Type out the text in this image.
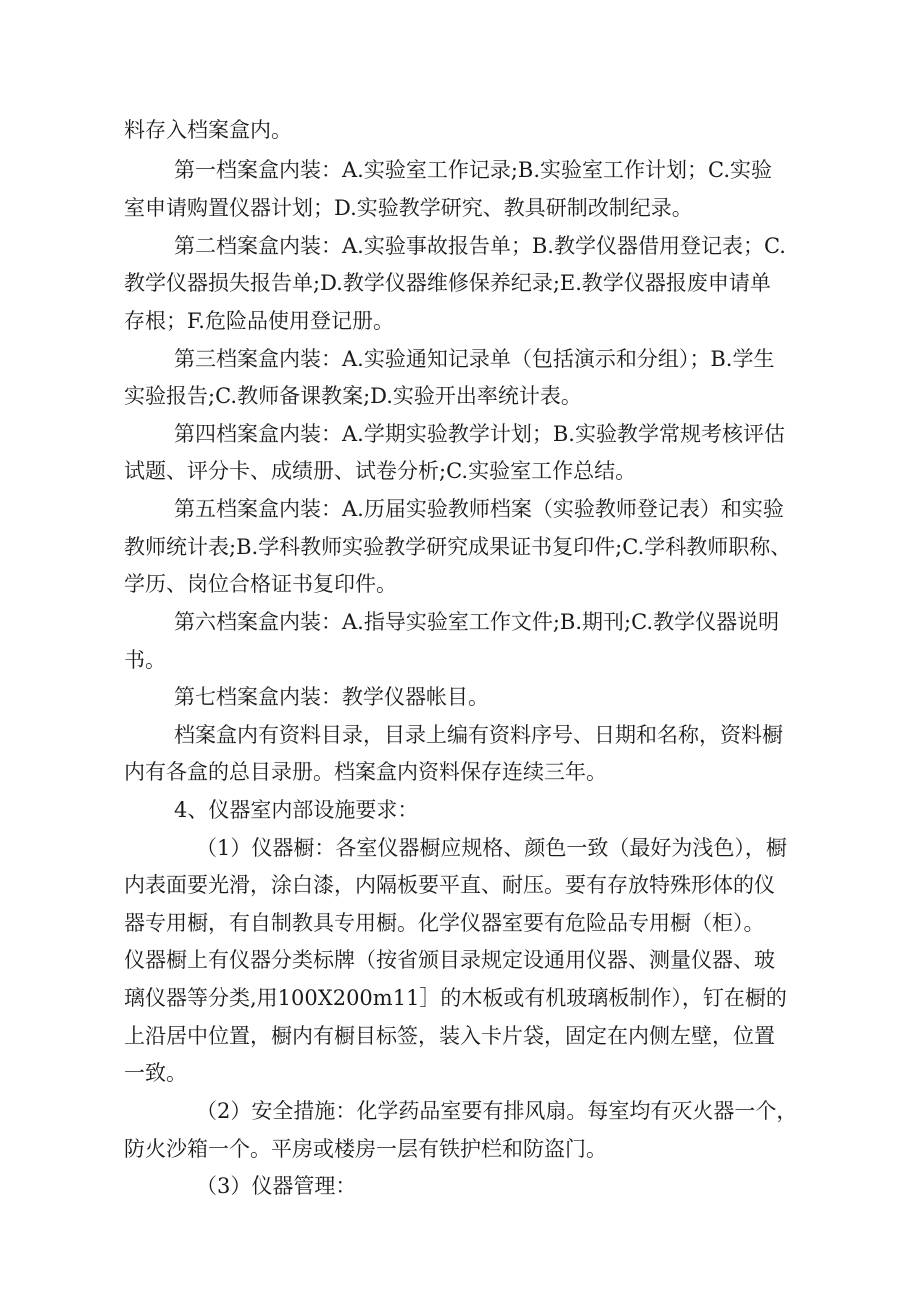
料存入档案盒内。
第一档案盒内装：A.实验室工作记录;B.实验室工作计划；C.实验
室申请购置仪器计划；D.实验教学研究、教具研制改制纪录。
第二档案盒内装：A.实验事故报告单；B.教学仪器借用登记表；C.
教学仪器损失报告单;D.教学仪器维修保养纪录;E.教学仪器报废申请单
存根；F.危险品使用登记册。
第三档案盒内装：A.实验通知记录单（包括演示和分组）；B.学生
实验报告;C.教师备课教案;D.实验开出率统计表。
第四档案盒内装：A.学期实验教学计划；B.实验教学常规考核评估
试题、评分卡、成绩册、试卷分析;C.实验室工作总结。
第五档案盒内装：A.历届实验教师档案（实验教师登记表）和实验
教师统计表;B.学科教师实验教学研究成果证书复印件;C.学科教师职称、
学历、岗位合格证书复印件。
第六档案盒内装：A.指导实验室工作文件;B.期刊;C.教学仪器说明
书。
第七档案盒内装：教学仪器帐目。
档案盒内有资料目录，目录上编有资料序号、日期和名称，资料橱
内有各盒的总目录册。档案盒内资料保存连续三年。
4、仪器室内部设施要求：
（1）仪器橱：各室仪器橱应规格、颜色一致（最好为浅色），橱
内表面要光滑，涂白漆，内隔板要平直、耐压。要有存放特殊形体的仪
器专用橱，有自制教具专用橱。化学仪器室要有危险品专用橱（柜）。
仪器橱上有仪器分类标牌（按省颁目录规定设通用仪器、测量仪器、玻
璃仪器等分类,用100X200m11］的木板或有机玻璃板制作），钉在橱的
上沿居中位置，橱内有橱目标签，装入卡片袋，固定在内侧左壁，位置
一致。
（2）安全措施：化学药品室要有排风扇。每室均有灭火器一个，
防火沙箱一个。平房或楼房一层有铁护栏和防盗门。
（3）仪器管理：
